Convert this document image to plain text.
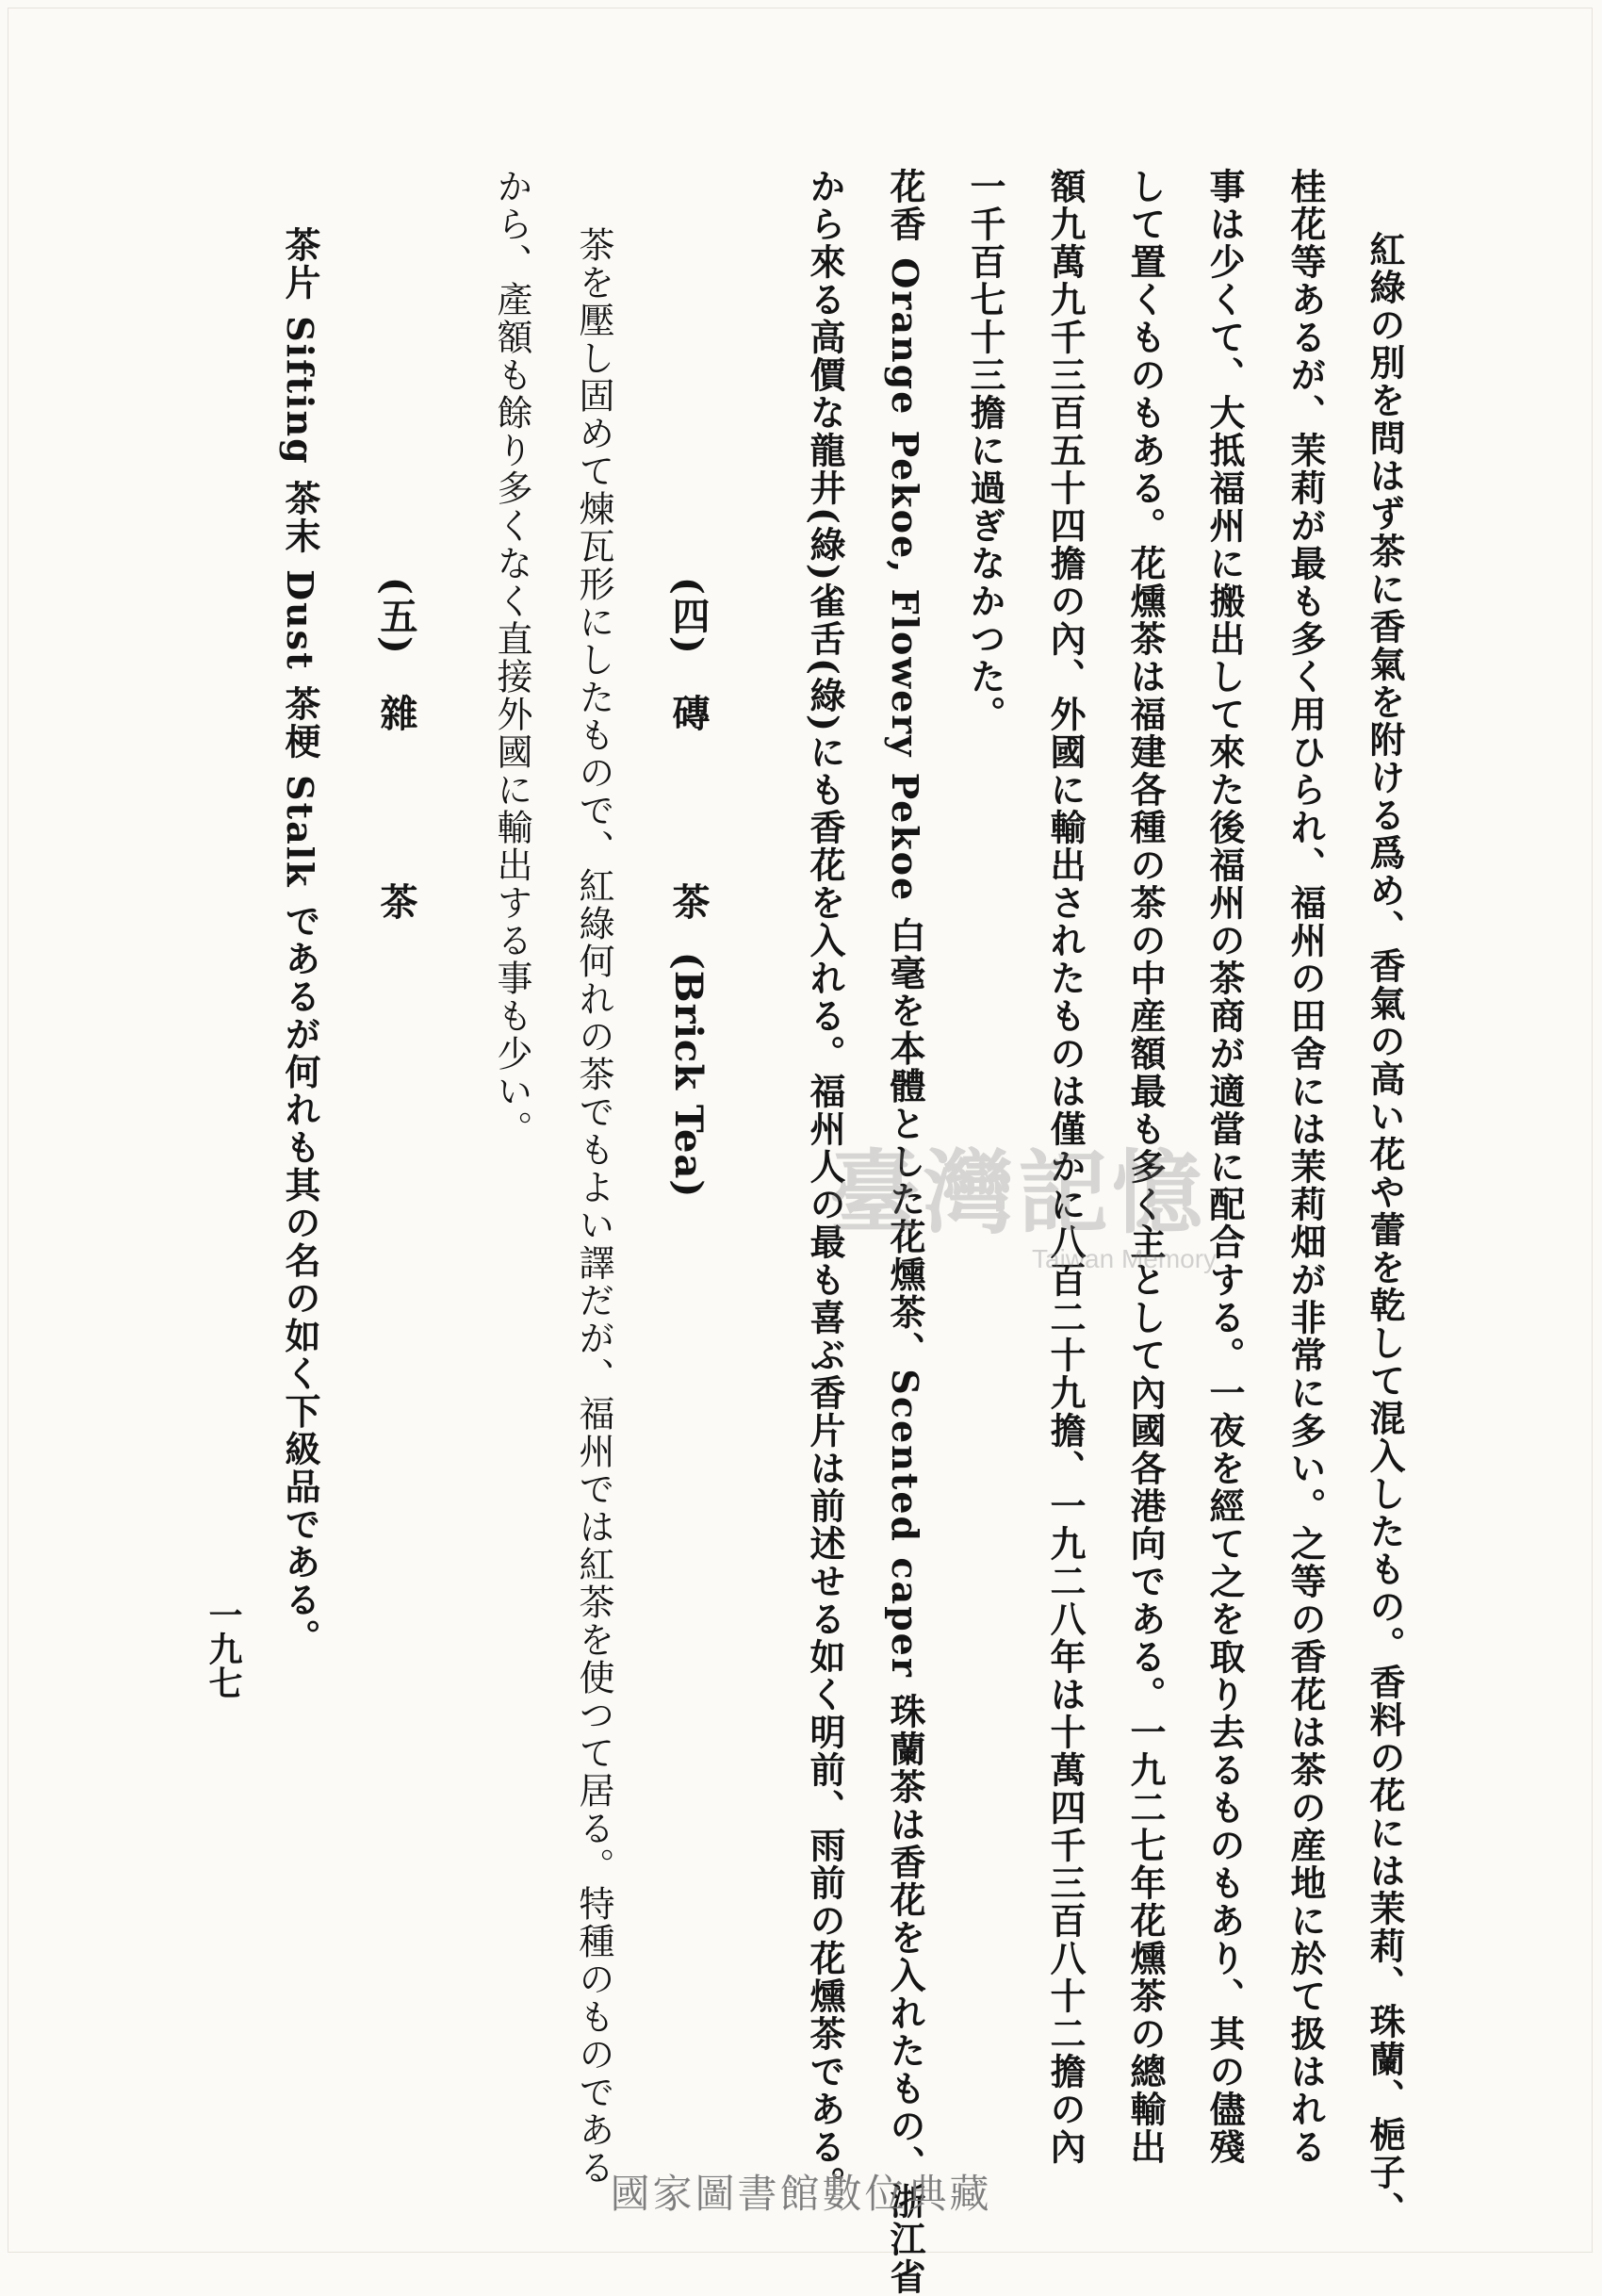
紅綠の別を問はず茶に香氣を附ける爲め、香氣の高い花や蕾を乾して混入したもの。香料の花には茉莉、珠蘭、梔子、
桂花等あるが、茉莉が最も多く用ひられ、福州の田舍には茉莉畑が非常に多い。之等の香花は茶の産地に於て扱はれる
事は少くて、大抵福州に搬出して來た後福州の茶商が適當に配合する。一夜を經て之を取り去るものもあり、其の儘殘
して置くものもある。花燻茶は福建各種の茶の中産額最も多く主として內國各港向である。一九二七年花燻茶の總輸出
額九萬九千三百五十四擔の內、外國に輸出されたものは僅かに八百二十九擔、一九二八年は十萬四千三百八十二擔の內
一千百七十三擔に過ぎなかつた。
花香 Orange Pekoe, Flowery Pekoe 白毫を本體とした花燻茶、Scented caper 珠蘭茶は香花を入れたもの、浙江省
から來る高價な龍井(綠)雀舌(綠)にも香花を入れる。福州人の最も喜ぶ香片は前述せる如く明前、雨前の花燻茶である。
(四)磚　　　　茶(Brick Tea)
茶を壓し固めて煉瓦形にしたもので、紅綠何れの茶でもよい譯だが、福州では紅茶を使つて居る。特種のものである
から、產額も餘り多くなく直接外國に輸出する事も少い。
(五)雜　　　　茶
茶片 Sifting 茶末 Dust 茶梗 Stalk であるが何れも其の名の如く下級品である。
一九七
臺灣記憶
Taiwan Memory
國家圖書館數位典藏
